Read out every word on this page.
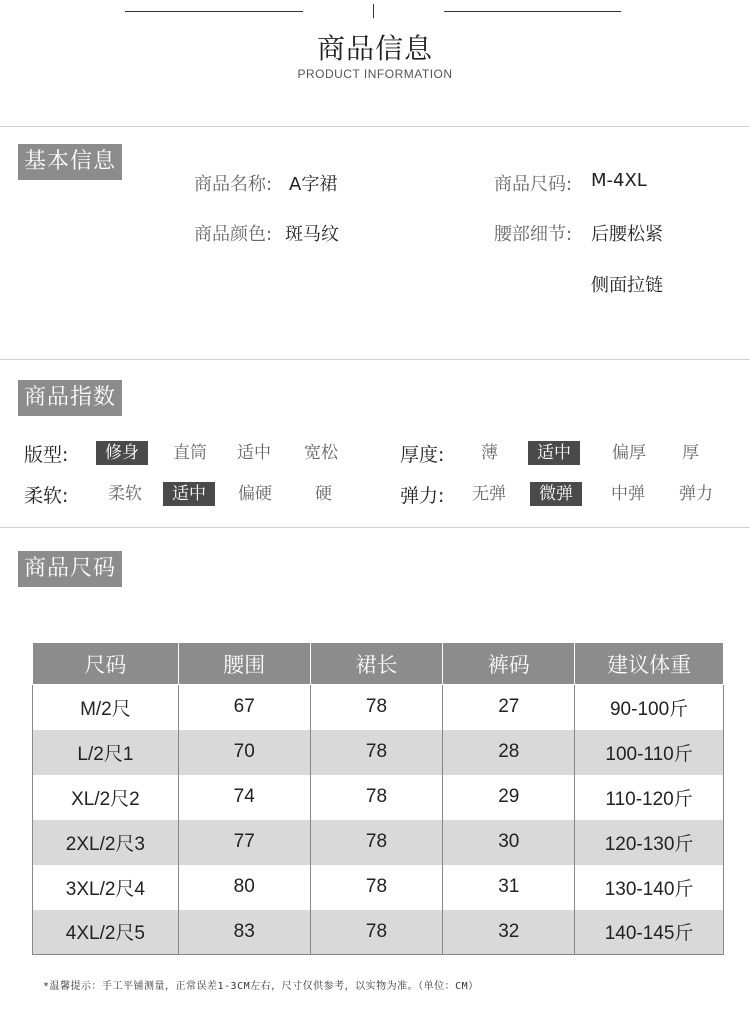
商品信息
PRODUCT INFORMATION
基本信息
商品名称: A字裙	商品尺码: M-4XL
商品颜色: 斑马纹	腰部细节: 后腰松紧
侧面拉链
商品指数
版型:	修身	直筒	适中	宽松	厚度:	薄	适中	偏厚	厚
柔软:	柔软	适中	偏硬	硬	弹力:	无弹	微弹	中弹	弹力
商品尺码
尺码	腰围	裙长	裤码	建议体重
M/2尺	67	78	27	90-100斤
L/2尺1	70	78	28	100-110斤
XL/2尺2	74	78	29	110-120斤
2XL/2尺3	77	78	30	120-130斤
3XL/2尺4	80	78	31	130-140斤
4XL/2尺5	83	78	32	140-145斤
*温馨提示：手工平铺测量，正常误差1-3CM左右，尺寸仅供参考，以实物为准。（单位：CM）
